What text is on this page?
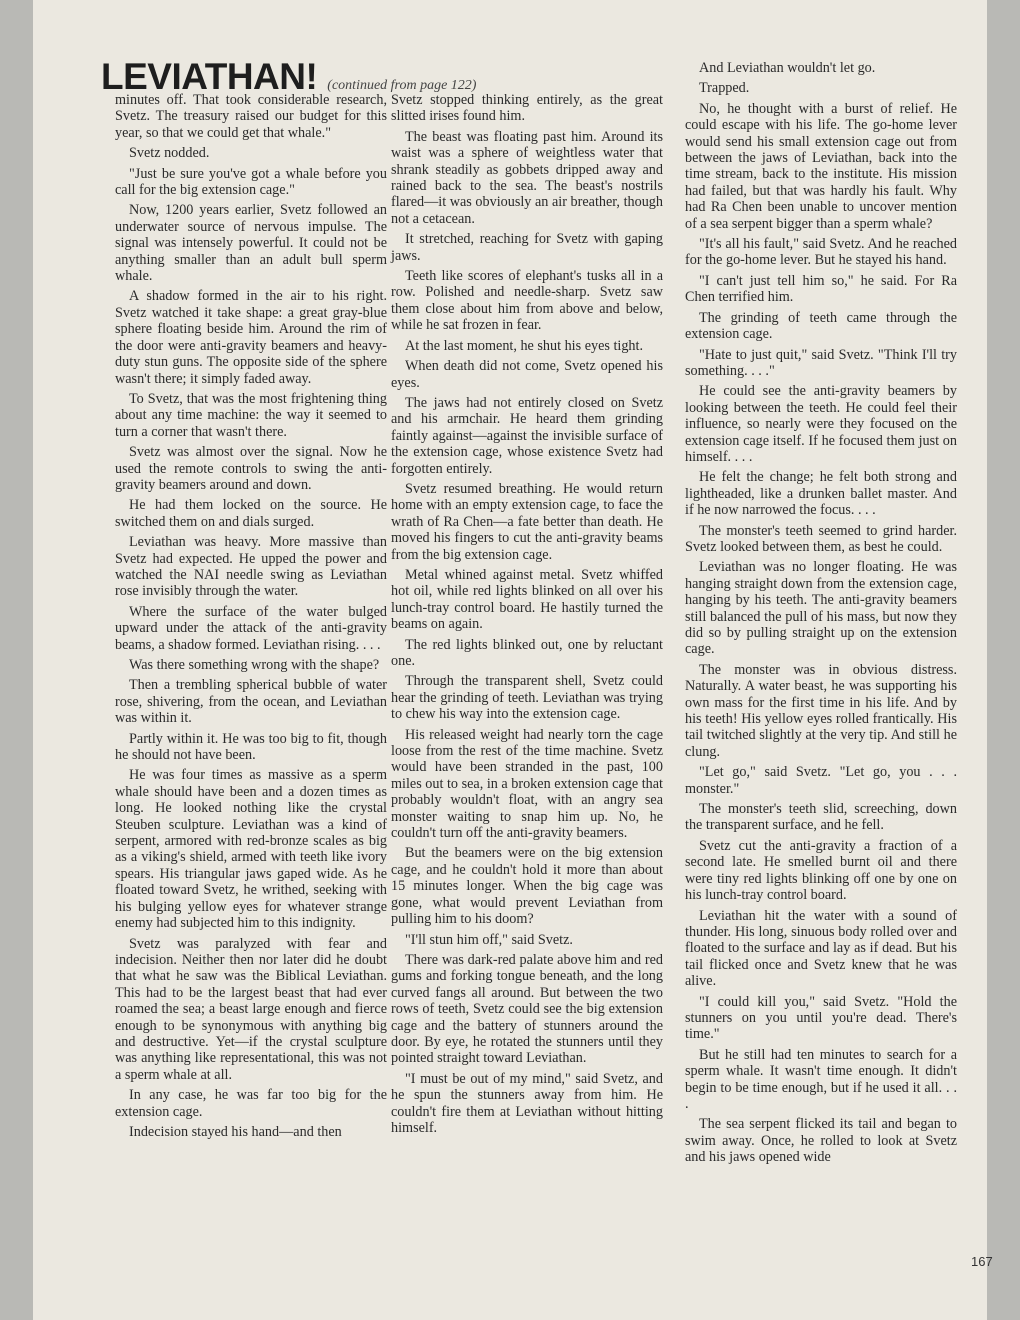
LEVIATHAN! (continued from page 122)

minutes off. That took considerable research, Svetz. The treasury raised our budget for this year, so that we could get that whale."

Svetz nodded.

"Just be sure you've got a whale before you call for the big extension cage."

Now, 1200 years earlier, Svetz followed an underwater source of nervous impulse. The signal was intensely powerful. It could not be anything smaller than an adult bull sperm whale.

A shadow formed in the air to his right. Svetz watched it take shape: a great gray-blue sphere floating beside him. Around the rim of the door were anti-gravity beamers and heavy-duty stun guns. The opposite side of the sphere wasn't there; it simply faded away.

To Svetz, that was the most frightening thing about any time machine: the way it seemed to turn a corner that wasn't there.

Svetz was almost over the signal. Now he used the remote controls to swing the anti-gravity beamers around and down.

He had them locked on the source. He switched them on and dials surged.

Leviathan was heavy. More massive than Svetz had expected. He upped the power and watched the NAI needle swing as Leviathan rose invisibly through the water.

Where the surface of the water bulged upward under the attack of the anti-gravity beams, a shadow formed. Leviathan rising. . . .

Was there something wrong with the shape?

Then a trembling spherical bubble of water rose, shivering, from the ocean, and Leviathan was within it.

Partly within it. He was too big to fit, though he should not have been.

He was four times as massive as a sperm whale should have been and a dozen times as long. He looked nothing like the crystal Steuben sculpture. Leviathan was a kind of serpent, armored with red-bronze scales as big as a viking's shield, armed with teeth like ivory spears. His triangular jaws gaped wide. As he floated toward Svetz, he writhed, seeking with his bulging yellow eyes for whatever strange enemy had subjected him to this indignity.

Svetz was paralyzed with fear and indecision. Neither then nor later did he doubt that what he saw was the Biblical Leviathan. This had to be the largest beast that had ever roamed the sea; a beast large enough and fierce enough to be synonymous with anything big and destructive. Yet—if the crystal sculpture was anything like representational, this was not a sperm whale at all.

In any case, he was far too big for the extension cage.

Indecision stayed his hand—and then

Svetz stopped thinking entirely, as the great slitted irises found him.

The beast was floating past him. Around its waist was a sphere of weightless water that shrank steadily as gobbets dripped away and rained back to the sea. The beast's nostrils flared—it was obviously an air breather, though not a cetacean.

It stretched, reaching for Svetz with gaping jaws.

Teeth like scores of elephant's tusks all in a row. Polished and needle-sharp. Svetz saw them close about him from above and below, while he sat frozen in fear.

At the last moment, he shut his eyes tight.

When death did not come, Svetz opened his eyes.

The jaws had not entirely closed on Svetz and his armchair. He heard them grinding faintly against—against the invisible surface of the extension cage, whose existence Svetz had forgotten entirely.

Svetz resumed breathing. He would return home with an empty extension cage, to face the wrath of Ra Chen—a fate better than death. He moved his fingers to cut the anti-gravity beams from the big extension cage.

Metal whined against metal. Svetz whiffed hot oil, while red lights blinked on all over his lunch-tray control board. He hastily turned the beams on again.

The red lights blinked out, one by reluctant one.

Through the transparent shell, Svetz could hear the grinding of teeth. Leviathan was trying to chew his way into the extension cage.

His released weight had nearly torn the cage loose from the rest of the time machine. Svetz would have been stranded in the past, 100 miles out to sea, in a broken extension cage that probably wouldn't float, with an angry sea monster waiting to snap him up. No, he couldn't turn off the anti-gravity beamers.

But the beamers were on the big extension cage, and he couldn't hold it more than about 15 minutes longer. When the big cage was gone, what would prevent Leviathan from pulling him to his doom?

"I'll stun him off," said Svetz.

There was dark-red palate above him and red gums and forking tongue beneath, and the long curved fangs all around. But between the two rows of teeth, Svetz could see the big extension cage and the battery of stunners around the door. By eye, he rotated the stunners until they pointed straight toward Leviathan.

"I must be out of my mind," said Svetz, and he spun the stunners away from him. He couldn't fire them at Leviathan without hitting himself.

And Leviathan wouldn't let go.

Trapped.

No, he thought with a burst of relief. He could escape with his life. The go-home lever would send his small extension cage out from between the jaws of Leviathan, back into the time stream, back to the institute. His mission had failed, but that was hardly his fault. Why had Ra Chen been unable to uncover mention of a sea serpent bigger than a sperm whale?

"It's all his fault," said Svetz. And he reached for the go-home lever. But he stayed his hand.

"I can't just tell him so," he said. For Ra Chen terrified him.

The grinding of teeth came through the extension cage.

"Hate to just quit," said Svetz. "Think I'll try something. . . ."

He could see the anti-gravity beamers by looking between the teeth. He could feel their influence, so nearly were they focused on the extension cage itself. If he focused them just on himself. . . .

He felt the change; he felt both strong and lightheaded, like a drunken ballet master. And if he now narrowed the focus. . . .

The monster's teeth seemed to grind harder. Svetz looked between them, as best he could.

Leviathan was no longer floating. He was hanging straight down from the extension cage, hanging by his teeth. The anti-gravity beamers still balanced the pull of his mass, but now they did so by pulling straight up on the extension cage.

The monster was in obvious distress. Naturally. A water beast, he was supporting his own mass for the first time in his life. And by his teeth! His yellow eyes rolled frantically. His tail twitched slightly at the very tip. And still he clung.

"Let go," said Svetz. "Let go, you . . . monster."

The monster's teeth slid, screeching, down the transparent surface, and he fell.

Svetz cut the anti-gravity a fraction of a second late. He smelled burnt oil and there were tiny red lights blinking off one by one on his lunch-tray control board.

Leviathan hit the water with a sound of thunder. His long, sinuous body rolled over and floated to the surface and lay as if dead. But his tail flicked once and Svetz knew that he was alive.

"I could kill you," said Svetz. "Hold the stunners on you until you're dead. There's time."

But he still had ten minutes to search for a sperm whale. It wasn't time enough. It didn't begin to be time enough, but if he used it all. . . .

The sea serpent flicked its tail and began to swim away. Once, he rolled to look at Svetz and his jaws opened wide

167
